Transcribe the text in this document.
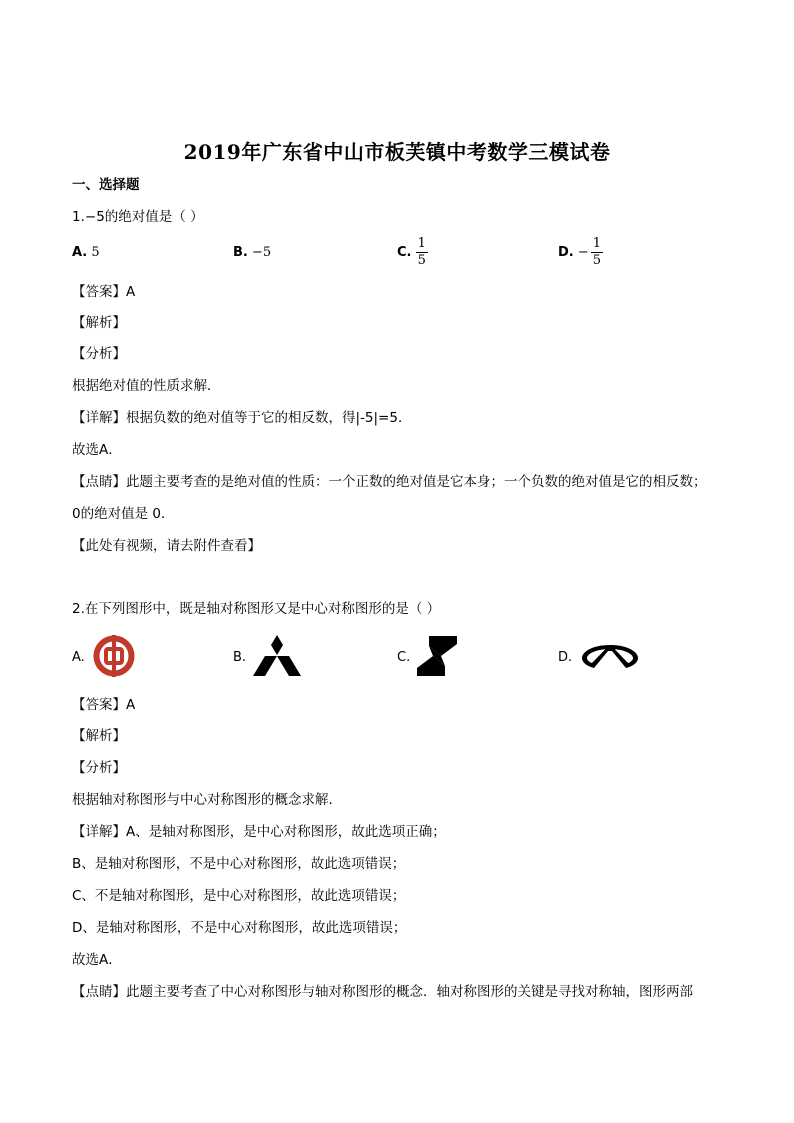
2019年广东省中山市板芙镇中考数学三模试卷
一、选择题
1.−5的绝对值是（ ）
A. 5	B. −5	C. $\frac{1}{5}$	D. − $\frac{1}{5}$
【答案】A
【解析】
【分析】
根据绝对值的性质求解．
【详解】根据负数的绝对值等于它的相反数，得|-5|=5．
故选A．
【点睛】此题主要考查的是绝对值的性质：一个正数的绝对值是它本身；一个负数的绝对值是它的相反数；
0的绝对值是 0．
【此处有视频，请去附件查看】
2.在下列图形中，既是轴对称图形又是中心对称图形的是（ ）
A.	B.	C.	D.
【答案】A
【解析】
【分析】
根据轴对称图形与中心对称图形的概念求解．
【详解】A、是轴对称图形，是中心对称图形，故此选项正确；
B、是轴对称图形，不是中心对称图形，故此选项错误；
C、不是轴对称图形，是中心对称图形，故此选项错误；
D、是轴对称图形，不是中心对称图形，故此选项错误；
故选A．
【点睛】此题主要考查了中心对称图形与轴对称图形的概念．轴对称图形的关键是寻找对称轴，图形两部
